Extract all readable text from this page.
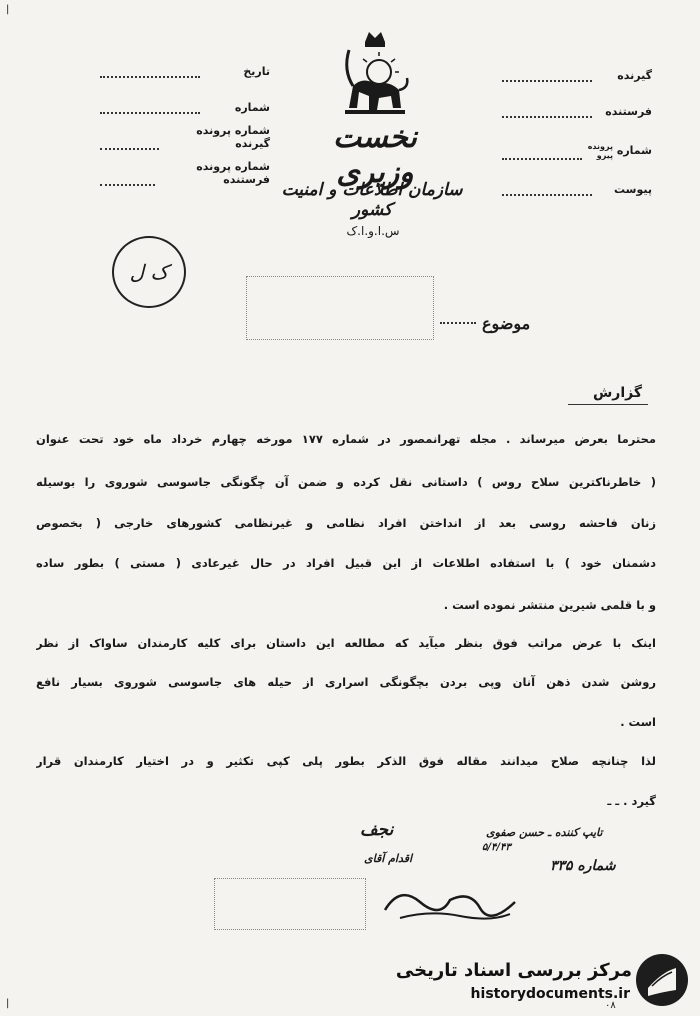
تاریخ
شماره
شماره پرونده گیرنده
شماره پرونده فرستنده
گیرنده
فرستنده
شماره
پرونده
پیرو
پیوست
نخست وزیری
سازمان اطلاعات و امنیت کشور
س.ا.و.ا.ک
ک ل
موضوع
گزارش
محترما بعرض میرساند . مجله تهرانمصور در شماره ۱۷۷ مورخه چهارم خرداد ماه خود تحت عنوان
( خاطرناکترین سلاح روس ) داستانی نقل کرده و ضمن آن چگونگی جاسوسی شوروی را بوسیله
زنان فاحشه روسی بعد از انداختن افراد نظامی و غیرنظامی کشورهای خارجی ( بخصوص
دشمنان خود ) با استفاده اطلاعات از این قبیل افراد در حال غیرعادی ( مستی ) بطور ساده
و با قلمی شیرین منتشر نموده است .
اینک با عرض مراتب فوق بنظر میآید که مطالعه این داستان برای کلیه کارمندان ساواک از نظر
روشن شدن ذهن آنان وپی بردن بچگونگی اسراری از حیله های جاسوسی شوروی بسیار نافع
است .
لذا چنانچه صلاح میدانند مقاله فوق الذکر بطور پلی کپی تکثیر و در اختیار کارمندان قرار
گیرد . ـ ـ
نجف
اقدام آقای
تایپ کننده ـ حسن صفوی
۵/۴/۴۳
شماره ۳۳۵
مرکز بررسی اسناد تاریخی
historydocuments.ir
۰۸
|
|
